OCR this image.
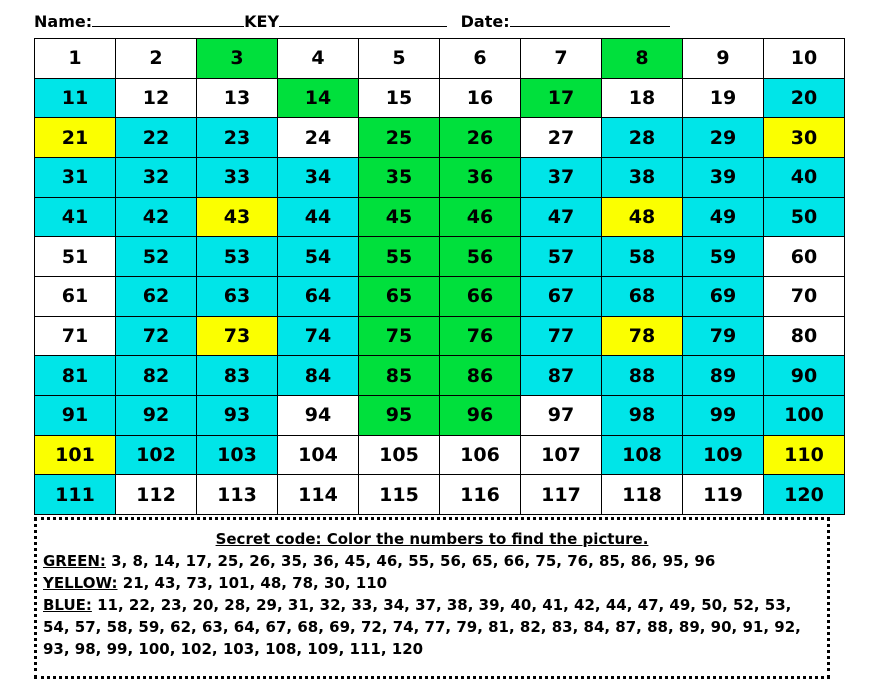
Name:	KEY	Date:
1	2	3	4	5	6	7	8	9	10
11	12	13	14	15	16	17	18	19	20
21	22	23	24	25	26	27	28	29	30
31	32	33	34	35	36	37	38	39	40
41	42	43	44	45	46	47	48	49	50
51	52	53	54	55	56	57	58	59	60
61	62	63	64	65	66	67	68	69	70
71	72	73	74	75	76	77	78	79	80
81	82	83	84	85	86	87	88	89	90
91	92	93	94	95	96	97	98	99	100
101	102	103	104	105	106	107	108	109	110
111	112	113	114	115	116	117	118	119	120
Secret code: Color the numbers to find the picture.
GREEN: 3, 8, 14, 17, 25, 26, 35, 36, 45, 46, 55, 56, 65, 66, 75, 76, 85, 86, 95, 96
YELLOW: 21, 43, 73, 101, 48, 78, 30, 110
BLUE: 11, 22, 23, 20, 28, 29, 31, 32, 33, 34, 37, 38, 39, 40, 41, 42, 44, 47, 49, 50, 52, 53, 54, 57, 58, 59, 62, 63, 64, 67, 68, 69, 72, 74, 77, 79, 81, 82, 83, 84, 87, 88, 89, 90, 91, 92, 93, 98, 99, 100, 102, 103, 108, 109, 111, 120
